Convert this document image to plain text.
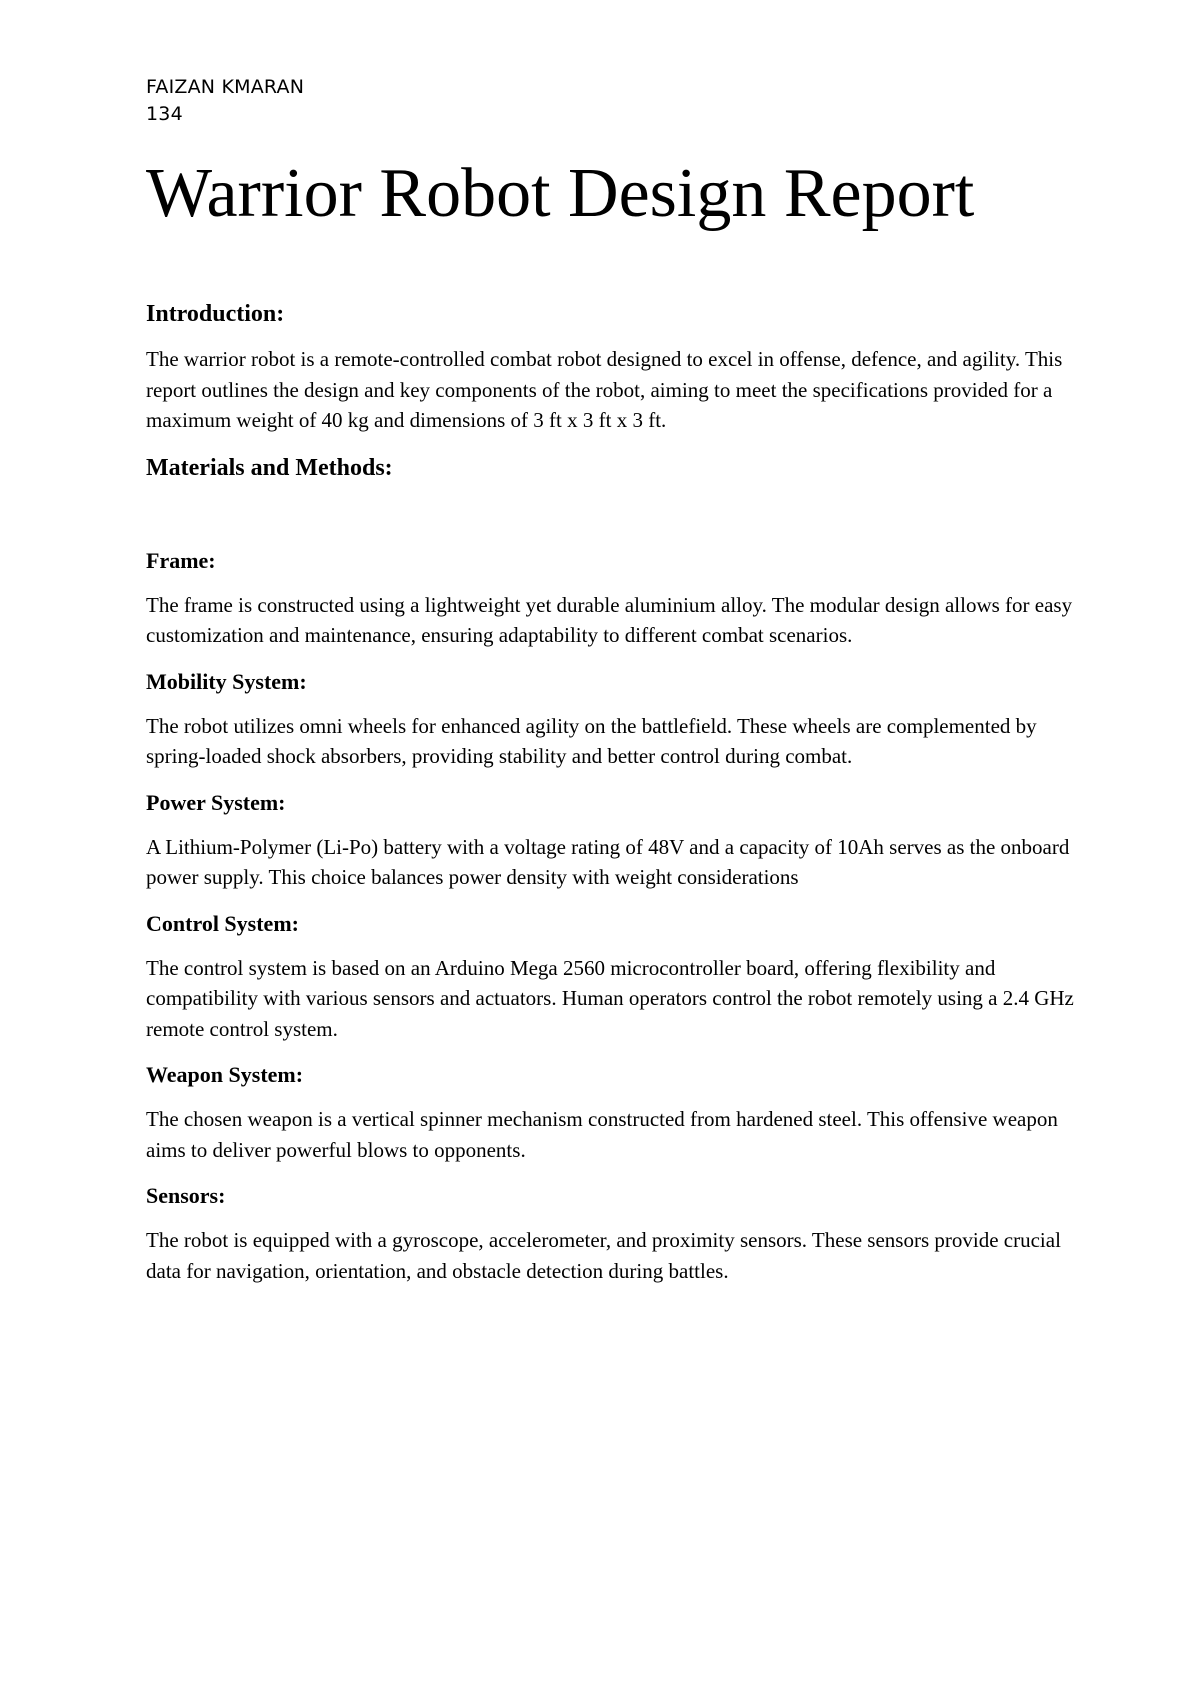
FAIZAN KMARAN
134
Warrior Robot Design Report
Introduction:

The warrior robot is a remote-controlled combat robot designed to excel in offense, defence, and agility. This report outlines the design and key components of the robot, aiming to meet the specifications provided for a maximum weight of 40 kg and dimensions of 3 ft x 3 ft x 3 ft.

Materials and Methods:
Frame:

The frame is constructed using a lightweight yet durable aluminium alloy. The modular design allows for easy customization and maintenance, ensuring adaptability to different combat scenarios.

Mobility System:

The robot utilizes omni wheels for enhanced agility on the battlefield. These wheels are complemented by spring-loaded shock absorbers, providing stability and better control during combat.

Power System:

A Lithium-Polymer (Li-Po) battery with a voltage rating of 48V and a capacity of 10Ah serves as the onboard power supply. This choice balances power density with weight considerations

Control System:

The control system is based on an Arduino Mega 2560 microcontroller board, offering flexibility and compatibility with various sensors and actuators. Human operators control the robot remotely using a 2.4 GHz remote control system.

Weapon System:

The chosen weapon is a vertical spinner mechanism constructed from hardened steel. This offensive weapon aims to deliver powerful blows to opponents.

Sensors:

The robot is equipped with a gyroscope, accelerometer, and proximity sensors. These sensors provide crucial data for navigation, orientation, and obstacle detection during battles.
